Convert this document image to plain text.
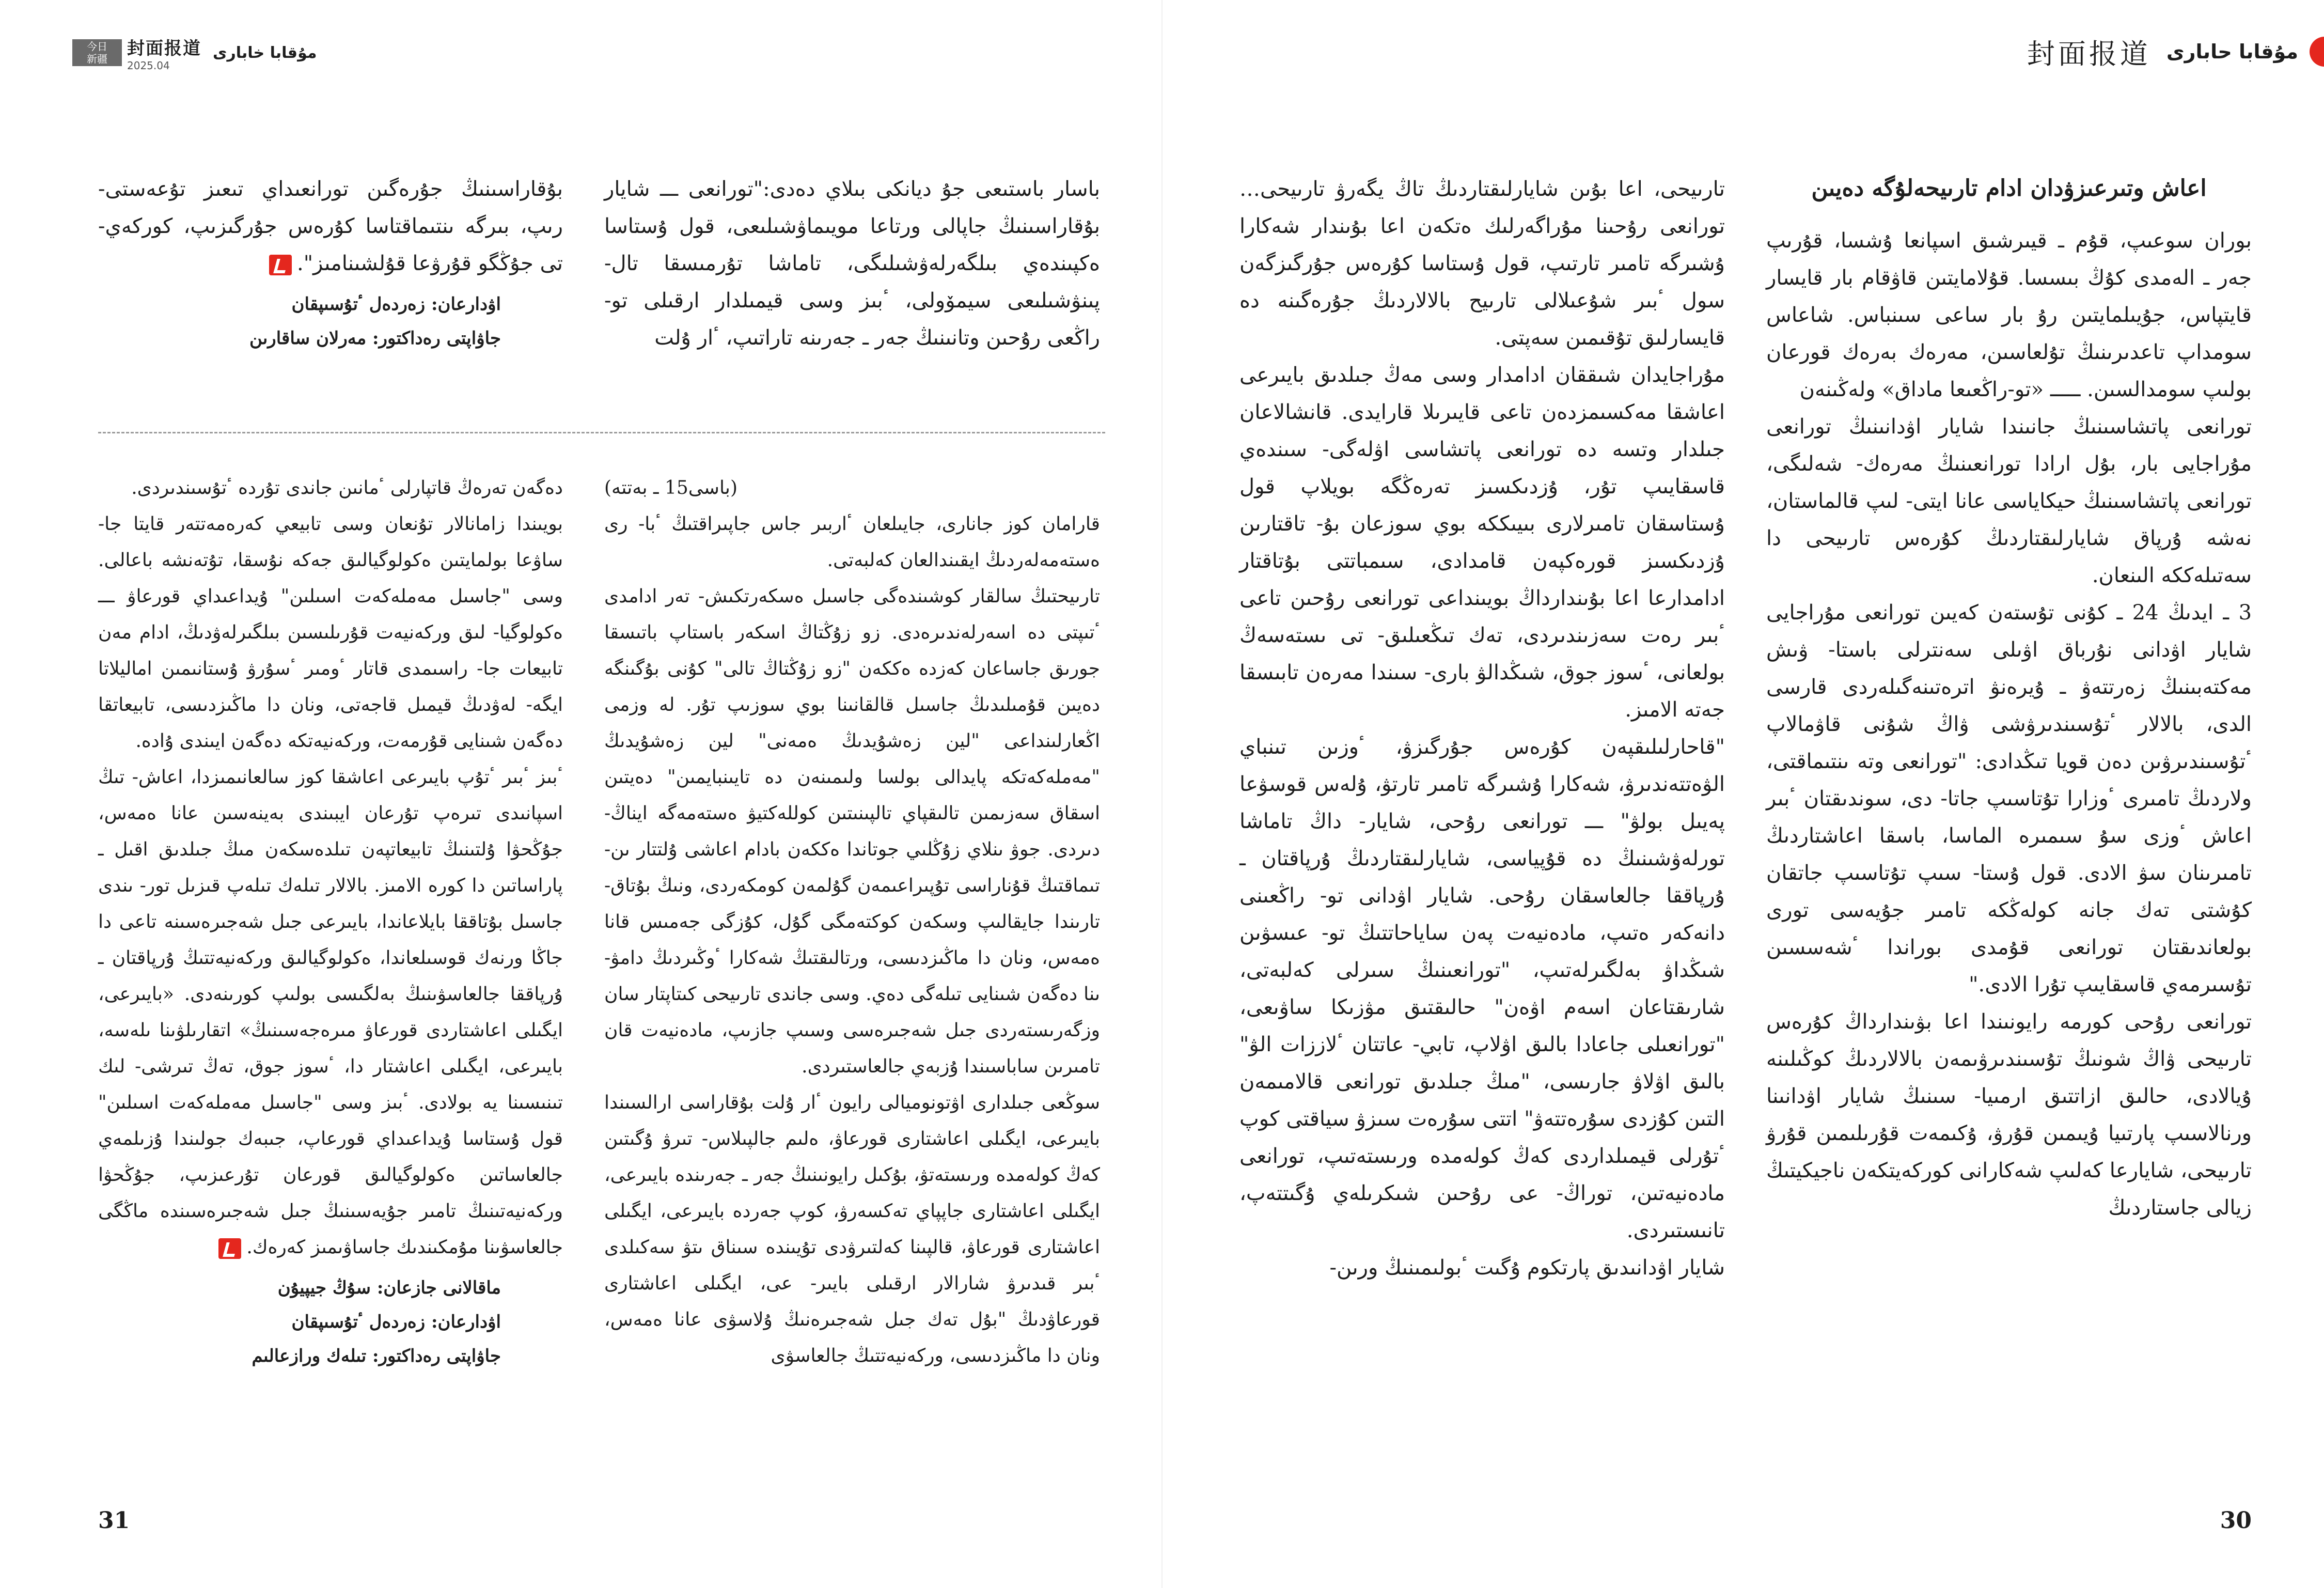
今日
新疆
封面报道
2025.04
مۇقابا خابارى

باسار باستىعى جۇ ديانكى بىلاي دەدى:"تورانعى ـــ شايار بۇقاراسىنىڭ جاپالى ورتاعا مويىماۋشىلىعى، قول ۇستاسا ەكپىندەي بىلگەرلەۋشىلىگى، تاماشا تۇرمىسقا تال- پىنۋشىلىعى سيمۆولى، ٴبىز وسى قيمىلدار ارقىلى تو- راڭعى رۇحىن وتانىنىڭ جەر ـ جەرىنە تاراتىپ، ٴار ۇلت

بۇقاراسىنىڭ جۇرەگىن تورانعىداي تىعىز تۇعەستى- رىپ، بىرگە ىنتىماقتاسا كۇرەس جۇرگىزىپ، كوركەي- تى جۇڭگو قۇرۋعا قۇلشىنامىز".

اۋدارعان: زەردەل ٴتۇسىپقان
جاۋاپتى رەداكتور: مەرلان ساقارىن

(باسى15 ـ بەتتە)

قارامان كوز جانارى، جايىلعان ٴاربىر جاس جاپىراقتىڭ ٴبا- رى ەستەمەلەردىڭ ايقىندالعان كەلبەتى.

تارىيحتىڭ سالقار كوشىندەگى جاسىل ەسكەرتكىش- تەر ادامدى ٴتىپتى دە اسەرلەندىرەدى. زو زۇڭتاڭ اسكەر باستاپ باتىسقا جورىق جاساعان كەزدە ەككەن "زو زۇڭتاڭ تالى" كۇنى بۇگىنگە دەيىن قۇمىلىدىڭ جاسىل قالقانىنا بوي سوزىپ تۇر. لە وزمى اڭعارلىنداعى "لين زەشۇيدىڭ ەمەنى" لين زەشۇيدىڭ "مەملەكەتكە پايدالى بولسا ولىمىنەن دە تايىنبايمىن" دەيتىن اسقاق سەزىمىن تالىقپاي تالپىنىتىن كوللەكتيۋ ەستەمەگە ايناڭ- دىردى. جوۋ ىنلاي زۇڭلىي جوتاندا ەككەن بادام اعاشى ۇلتتار ىن- تىماقتىڭ قۇناراسى تۇپىراعىمەن گۇلمەن كومكەردى، ونىڭ بۇتاق- تارىندا جايقالىپ وسكەن كوكتەمگى گۇل، كۇزگى جەمىس قانا ەمەس، ونان دا ماڭىزدىسى، ورتالىقتىڭ شەكارا ٴوڭىردىڭ دامۋ- ىنا دەگەن شىنايى تىلەگى دەي. وسى جاندى تارىيحى كىتاپتار سان وزگەرىستەردى جىل شەجىرەسى وسىپ جازىپ، مادەنيەت قان تامىرىن ساباسىندا ۇزبەي جالعاستىردى.

سوڭعى جىلدارى اۋتونوميالى رايون ٴار ۇلت بۇقاراسى ارالسىندا بايىرعى، ايگىلى اعاشتارى قورعاۋ، ەلىم جالپىلاس- تىرۋ ۇگىتىن كەڭ كولەمدە ورىستەتۋ، بۇكىل رايونىنىڭ جەر ـ جەرىندە بايىرعى، ايگىلى اعاشتارى جاپپاي تەكسەرۋ، كوپ جەردە بايىرعى، ايگىلى اعاشتارى قورعاۋ، قالپىنا كەلتىرۋدى تۇيىندە سىناق ىتۋ سەكىلدى ٴبىر قىدىرۋ شارالار ارقىلى بايىر- عى، ايگىلى اعاشتارى قورعاۋدىڭ "بۇل تەك جىل شەجىرەنىڭ ۇلاسۋى عانا ەمەس، ونان دا ماڭىزدىسى، وركەنيەتتىڭ جالعاسۋى

دەگەن تەرەڭ قاتپارلى ٴمانىن جاندى تۇردە ٴتۇسىندىردى.

بويىندا زامانالار تۇنعان وسى تابيعي كەرەمەتتەر قايتا جا- ساۋعا بولمايتىن ەكولوگيالىق جەكە نۇسقا، تۇتەنشە باعالى. وسى "جاسىل مەملەكەت اسىلىن" ۇيداعىداي قورعاۋ ـــ ەكولوگيا- لىق وركەنيەت قۇرىلىسىن بىلگىرلەۋدىڭ، ادام مەن تابيعات جا- راسىمدى قاتار ٴومىر ٴسۇرۋ ۇستانىمىن اماليلاتا ايگە- لەۋدىڭ قيمىل قاجەتى، ونان دا ماڭىزدىسى، تابيعاتقا دەگەن شىنايى قۇرمەت، وركەنيەتكە دەگەن ايىندى ۇادە.

ٴبىز ٴبىر ٴتۇپ بايىرعى اعاشقا كوز سالعانىمىزدا، اعاش- تىڭ اسپانىدى تىرەپ تۇرعان ايبىندى بەينەسىن عانا ەمەس، جۇڭحۋا ۇلتىنىڭ تابيعاتپەن تىلدەسكەن مىڭ جىلدىق اقىل ـ پاراساتىن دا كورە الامىز. بالالار تىلەك تىلەپ قىزىل تور- ىندى جاسىل بۇتاققا بايلاعاندا، بايىرعى جىل شەجىرەسىنە تاعى دا جاڭا ورنەك قوسىلعاندا، ەكولوگيالىق وركەنيەتتىڭ ۇرپاقتان ـ ۇرپاققا جالعاسۋىنىڭ بەلگىسى بولىپ كورىنەدى. «بايىرعى، ايگىلى اعاشتاردى قورعاۋ مىرەجەسىنىڭ» اتقارىلۋىنا ىلەسە، بايىرعى، ايگىلى اعاشتار دا، ٴسوز جوق، تەڭ تىرشى- لىك تىنىسىنا يە بولادى. ٴبىز وسى "جاسىل مەملەكەت اسىلىن" قول ۇستاسا ۇيداعىداي قورعاپ، جىبەك جولىندا ۇزىلمەي جالعاساتىن ەكولوگيالىق قورعان تۇرعىزىپ، جۇڭحۋا وركەنيەتىنىڭ تامىر جۇيەسىنىڭ جىل شەجىرەسىندە ماڭگى جالعاسۋىنا مۇمكىندىك جاساۋىمىز كەرەك.

ماقالانى جازعان: سۇڭ جيپيۇن
اۋدارعان: زەردەل ٴتۇسىپقان
جاۋاپتى رەداكتور: تىلەك ورازعالىم
31
مۇقابا حابارى
封面报道
اعاش وتىرعىزۋدان ادام تارىيحەلۇگە دەيىن

بوران سوعىپ، قۇم ـ قيىرشىق اسپانعا ۇشسا، قۇرىپ جەر ـ الەمدى كۇڭ بىسسا. قۇلامايتىن قاۋقام بار قايسار قايتپاس، جۇيىلمايتىن رۇ بار ساعى سىنباس. شاعاس سومداپ تاعدىرىنىڭ تۇلعاسىن، مەرەك بەرەك قورعان بولىپ سومدالسىن. ـــــ «تو-راڭعىعا ماداق» ولەڭىنەن

تورانعى پاتشاسىنىڭ جانىندا شايار اۋدانىنىڭ تورانعى مۇراجايى بار، بۇل ارادا تورانعىنىڭ مەرەك- شەلىگى، تورانعى پاتشاسىنىڭ حيكاياسى عانا ايتى- لىپ قالماستان، نەشە ۇرپاق شايارلىقتاردىڭ كۇرەس تارىيحى دا سەتىلەككە الىنعان.

3 ـ ايدىڭ 24 ـ كۇنى تۇستەن كەيىن تورانعى مۇراجايى شايار اۋدانى نۇرباق اۋىلى سەنترلى باستا- ۋىش مەكتەبىنىڭ زەرتتەۋ ـ ۇيرەنۋ اترەتىنەگىلەردى قارسى الدى، بالالار ٴتۇسىندىرۋشى ۋاڭ شۇنى قاۋمالاپ ٴتۇسىندىرۋىن دەن قويا تىڭدادى: "تورانعى وتە ىنتىماقتى، ولاردىڭ تامىرى ٴوزارا تۇتاسىپ جاتا- دى، سوندىقتان ٴبىر اعاش ٴوزى سۇ سىمىرە الماسا، باسقا اعاشتاردىڭ تامىرىنان سۋ الادى. قول ۇستا- سىپ تۇتاسىپ جاتقان كۇشتى تەك جانە كولەڭكە تامىر جۇيەسى تورى بولعاندىقتان تورانعى قۇمدى بوراندا ٴشەسسىن تۇسىرمەي قاسقايىپ تۇرا الادى."

تورانعى رۇحى كورمە رايونىندا اعا بۋىندارداڭ كۇرەس تارىيحى ۋاڭ شونىڭ تۇسىندىرۋىمەن بالالاردىڭ كوڭىلىنە ۇيالادى، حالىق ازاتتىق ارمىيا- سىنىڭ شايار اۋدانىنا ورنالاسىپ پارتىيا ۇيىمىن قۇرۋ، ۇكىمەت قۇرىلىمىن قۇرۋ تارىيحى، شايارعا كەلىپ شەكارانى كوركەيتكەن ناجيكيتىڭ زيالى جاستاردىڭ

تارىيحى، اعا بۇىن شايارلىقتاردىڭ تاڭ يگەرۋ تارىيحى… تورانعى رۇحىنا مۇراگەرلىك ەتكەن اعا بۇىندار شەكارا ۇشىرگە تامىر تارتىپ، قول ۇستاسا كۇرەس جۇرگىزگەن سول ٴبىر شۇعىلالى تارىيح بالالاردىڭ جۇرەگىنە دە قايسارلىق تۇقىمىن سەپتى.

مۇراجايدان شىققان ادامدار وسى مەڭ جىلدىق بايىرعى اعاشقا مەكسىمزدەن تاعى قايىرىلا قارايدى. قانشالاعان جىلدار وتسە دە تورانعى پاتشاسى اۋلەگى- سىندەي قاسقايىپ تۇر، ۇزدىكسىز تەرەڭگە بويلاپ قول ۇستاسقان تامىرلارى بىيىككە بوي سوزعان بۇ- تاقتارىن ۇزدىكسىز قورەكپەن قامدادى، سىمباتتى بۇتاقتار ادامدارعا اعا بۇىندارداڭ بويىنداعى تورانعى رۇحىن تاعى ٴبىر رەت سەزىندىردى، تەك تىڭعىلىق- تى ىستەسەڭ بولعانى، ٴسوز جوق، شىڭدالۋ بارى- سىندا مەرەن تابىسقا جەتە الامىز.

"قاحارلىلىقپەن كۇرەس جۇرگىزۋ، ٴوزىن تىنباي الۋەتتەندىرۋ، شەكارا ۇشىرگە تامىر تارتۋ، ۇلەس قوسۋعا پەيىل بولۋ" ـــ تورانعى رۇحى، شايار- داڭ تاماشا تورلەۋشىنىڭ دە قۇپياسى، شايارلىقتاردىڭ ۇرپاقتان ـ ۇرپاققا جالعاسقان رۇحى. شايار اۋدانى تو- راڭعىنى دانەكەر ەتىپ، مادەنيەت پەن ساياحاتتىڭ تو- عىسۋىن شىڭداۋ بەلگىرلەتىپ، "تورانعىنىڭ سىرلى كەلبەتى، شارىقتاعان اسەم اۋەن" حالىقتىق مۋزىكا ساۋىعى، "تورانعىلى جاعادا بالىق اۋلاپ، تابي- عاتتان ٴلاززات الۋ" بالىق اۋلاۋ جارىسى، "مىڭ جىلدىق تورانعى قالامىمەن التىن كۇزدى سۇرەتتەۋ" اتتى سۇرەت سىزۋ سياقتى كوپ ٴتۇرلى قيمىلداردى كەڭ كولەمدە ورىستەتىپ، تورانعى مادەنيەتىن، توراڭ- عى رۇحىن شىكرىلەي ۇگىتتەپ، تانىستىردى.

شايار اۋدانىدىق پارتكوم ۇگىت ٴبولىمىنىڭ ورىن-

30
